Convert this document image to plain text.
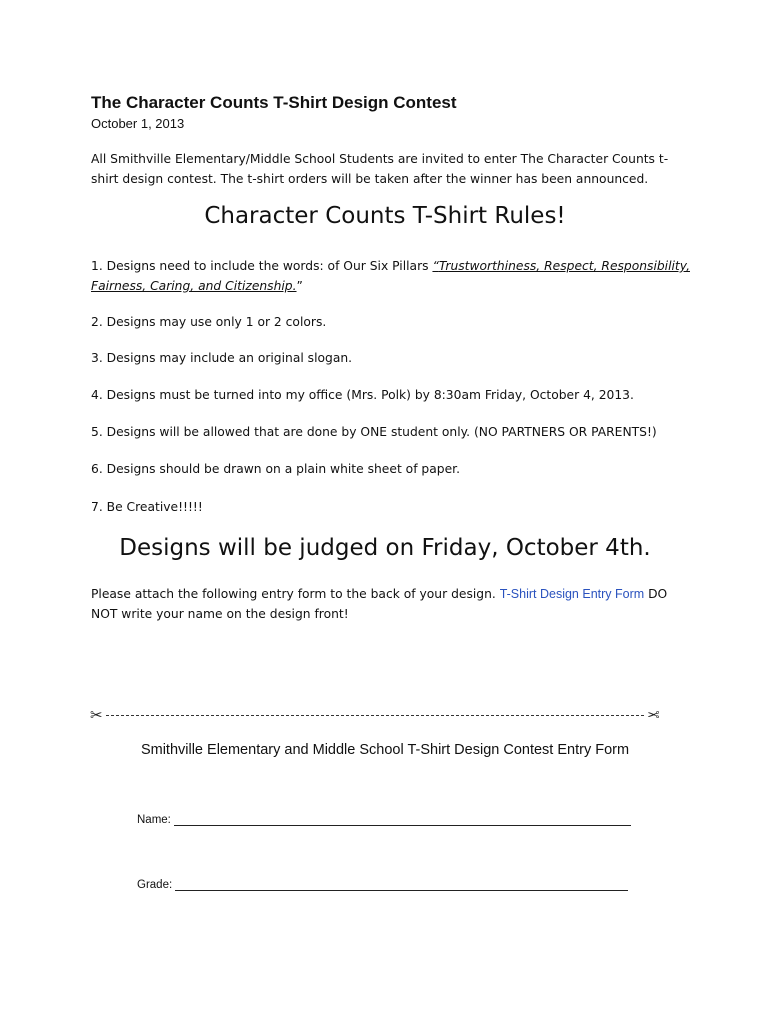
The Character Counts T-Shirt Design Contest
October 1, 2013
All Smithville Elementary/Middle School Students are invited to enter The Character Counts t-shirt design contest. The t-shirt orders will be taken after the winner has been announced.
Character Counts T-Shirt Rules!
1. Designs need to include the words: of Our Six Pillars “Trustworthiness, Respect, Responsibility, Fairness, Caring, and Citizenship.”
2. Designs may use only 1 or 2 colors.
3. Designs may include an original slogan.
4. Designs must be turned into my office (Mrs. Polk) by 8:30am Friday, October 4, 2013.
5. Designs will be allowed that are done by ONE student only. (NO PARTNERS OR PARENTS!)
6. Designs should be drawn on a plain white sheet of paper.
7. Be Creative!!!!!
Designs will be judged on Friday, October 4th.
Please attach the following entry form to the back of your design. T-Shirt Design Entry Form DO NOT write your name on the design front!
✂	✂
Smithville Elementary and Middle School T-Shirt Design Contest Entry Form
Name:
Grade:
